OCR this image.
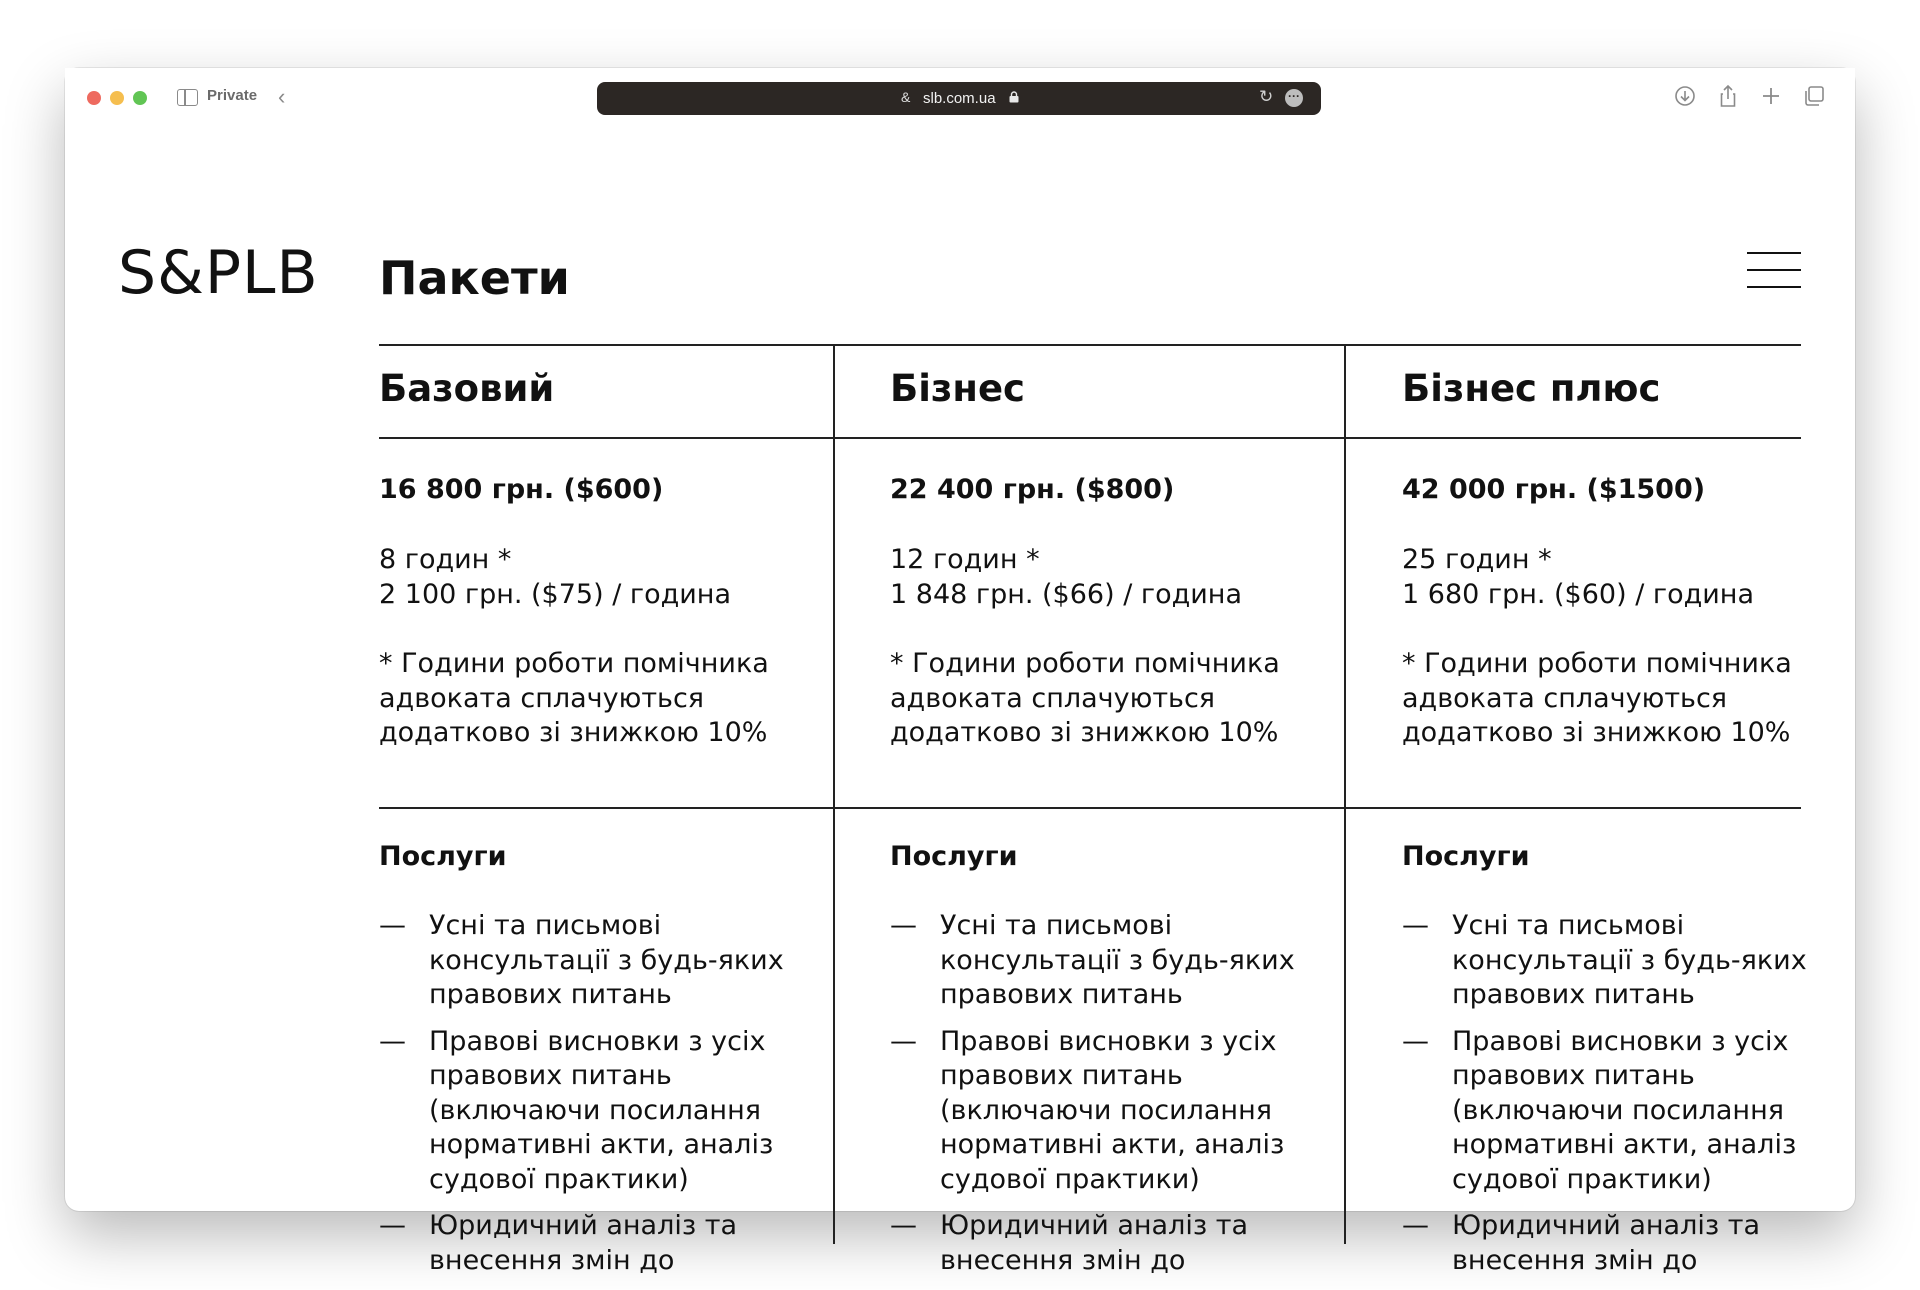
Private ‹	& slb.com.ua	↻ ···
S&PLB Пакети
Базовий
16 800 грн. ($600)
8 годин *
2 100 грн. ($75) / година
* Години роботи помічника
адвоката сплачуються
додатково зі знижкою 10%
Послуги
— Усні та письмові
консультації з будь-яких
правових питань
— Правові висновки з усіх
правових питань
(включаючи посилання
нормативні акти, аналіз
судової практики)
— Юридичний аналіз та
внесення змін до
Бізнес
22 400 грн. ($800)
12 годин *
1 848 грн. ($66) / година
* Години роботи помічника
адвоката сплачуються
додатково зі знижкою 10%
Послуги
— Усні та письмові
консультації з будь-яких
правових питань
— Правові висновки з усіх
правових питань
(включаючи посилання
нормативні акти, аналіз
судової практики)
— Юридичний аналіз та
внесення змін до
Бізнес плюс
42 000 грн. ($1500)
25 годин *
1 680 грн. ($60) / година
* Години роботи помічника
адвоката сплачуються
додатково зі знижкою 10%
Послуги
— Усні та письмові
консультації з будь-яких
правових питань
— Правові висновки з усіх
правових питань
(включаючи посилання
нормативні акти, аналіз
судової практики)
— Юридичний аналіз та
внесення змін до
